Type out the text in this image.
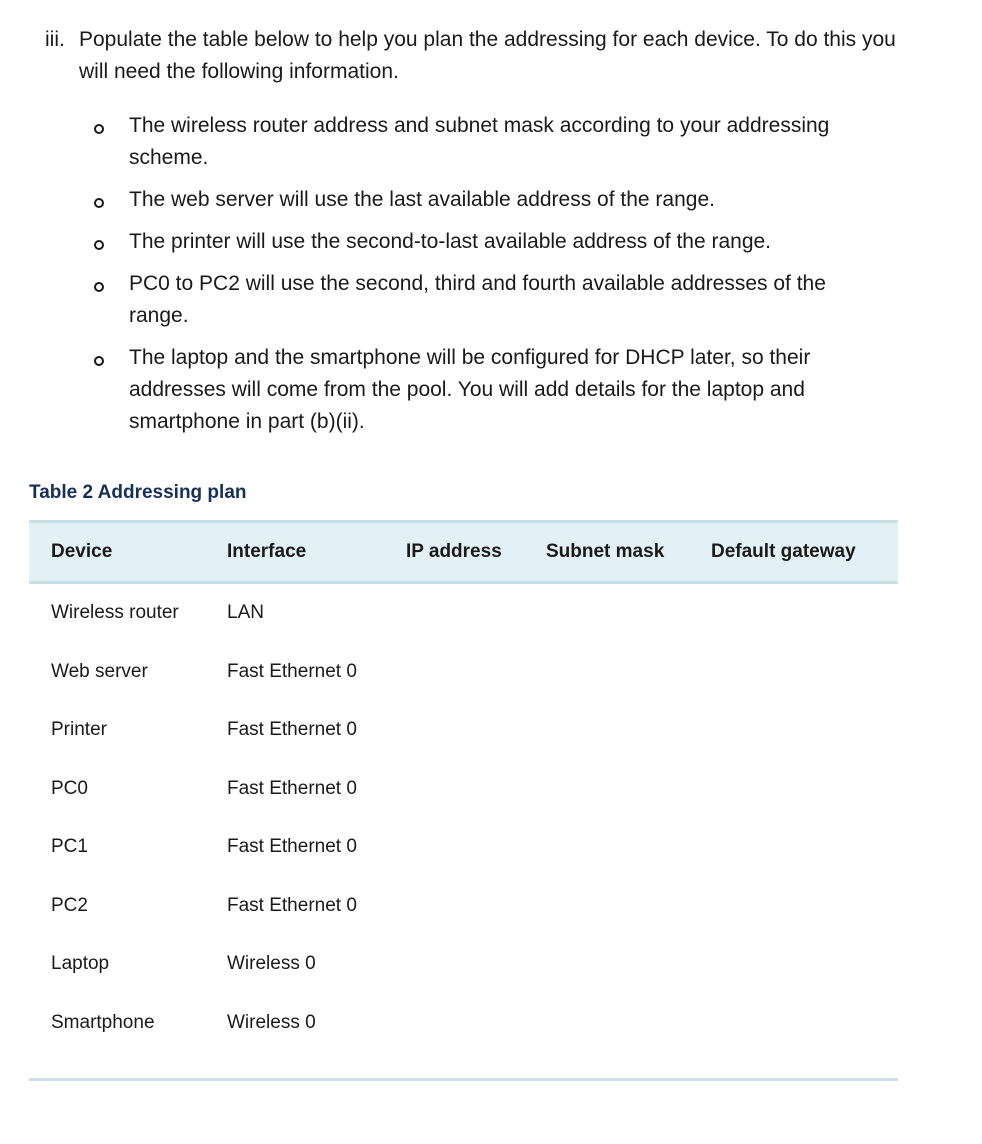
iii. Populate the table below to help you plan the addressing for each device. To do this you will need the following information.
The wireless router address and subnet mask according to your addressing scheme.
The web server will use the last available address of the range.
The printer will use the second-to-last available address of the range.
PC0 to PC2 will use the second, third and fourth available addresses of the range.
The laptop and the smartphone will be configured for DHCP later, so their addresses will come from the pool. You will add details for the laptop and smartphone in part (b)(ii).
Table 2 Addressing plan
Device	Interface	IP address	Subnet mask	Default gateway
Wireless router	LAN			
Web server	Fast Ethernet 0			
Printer	Fast Ethernet 0			
PC0	Fast Ethernet 0			
PC1	Fast Ethernet 0			
PC2	Fast Ethernet 0			
Laptop	Wireless 0			
Smartphone	Wireless 0			
